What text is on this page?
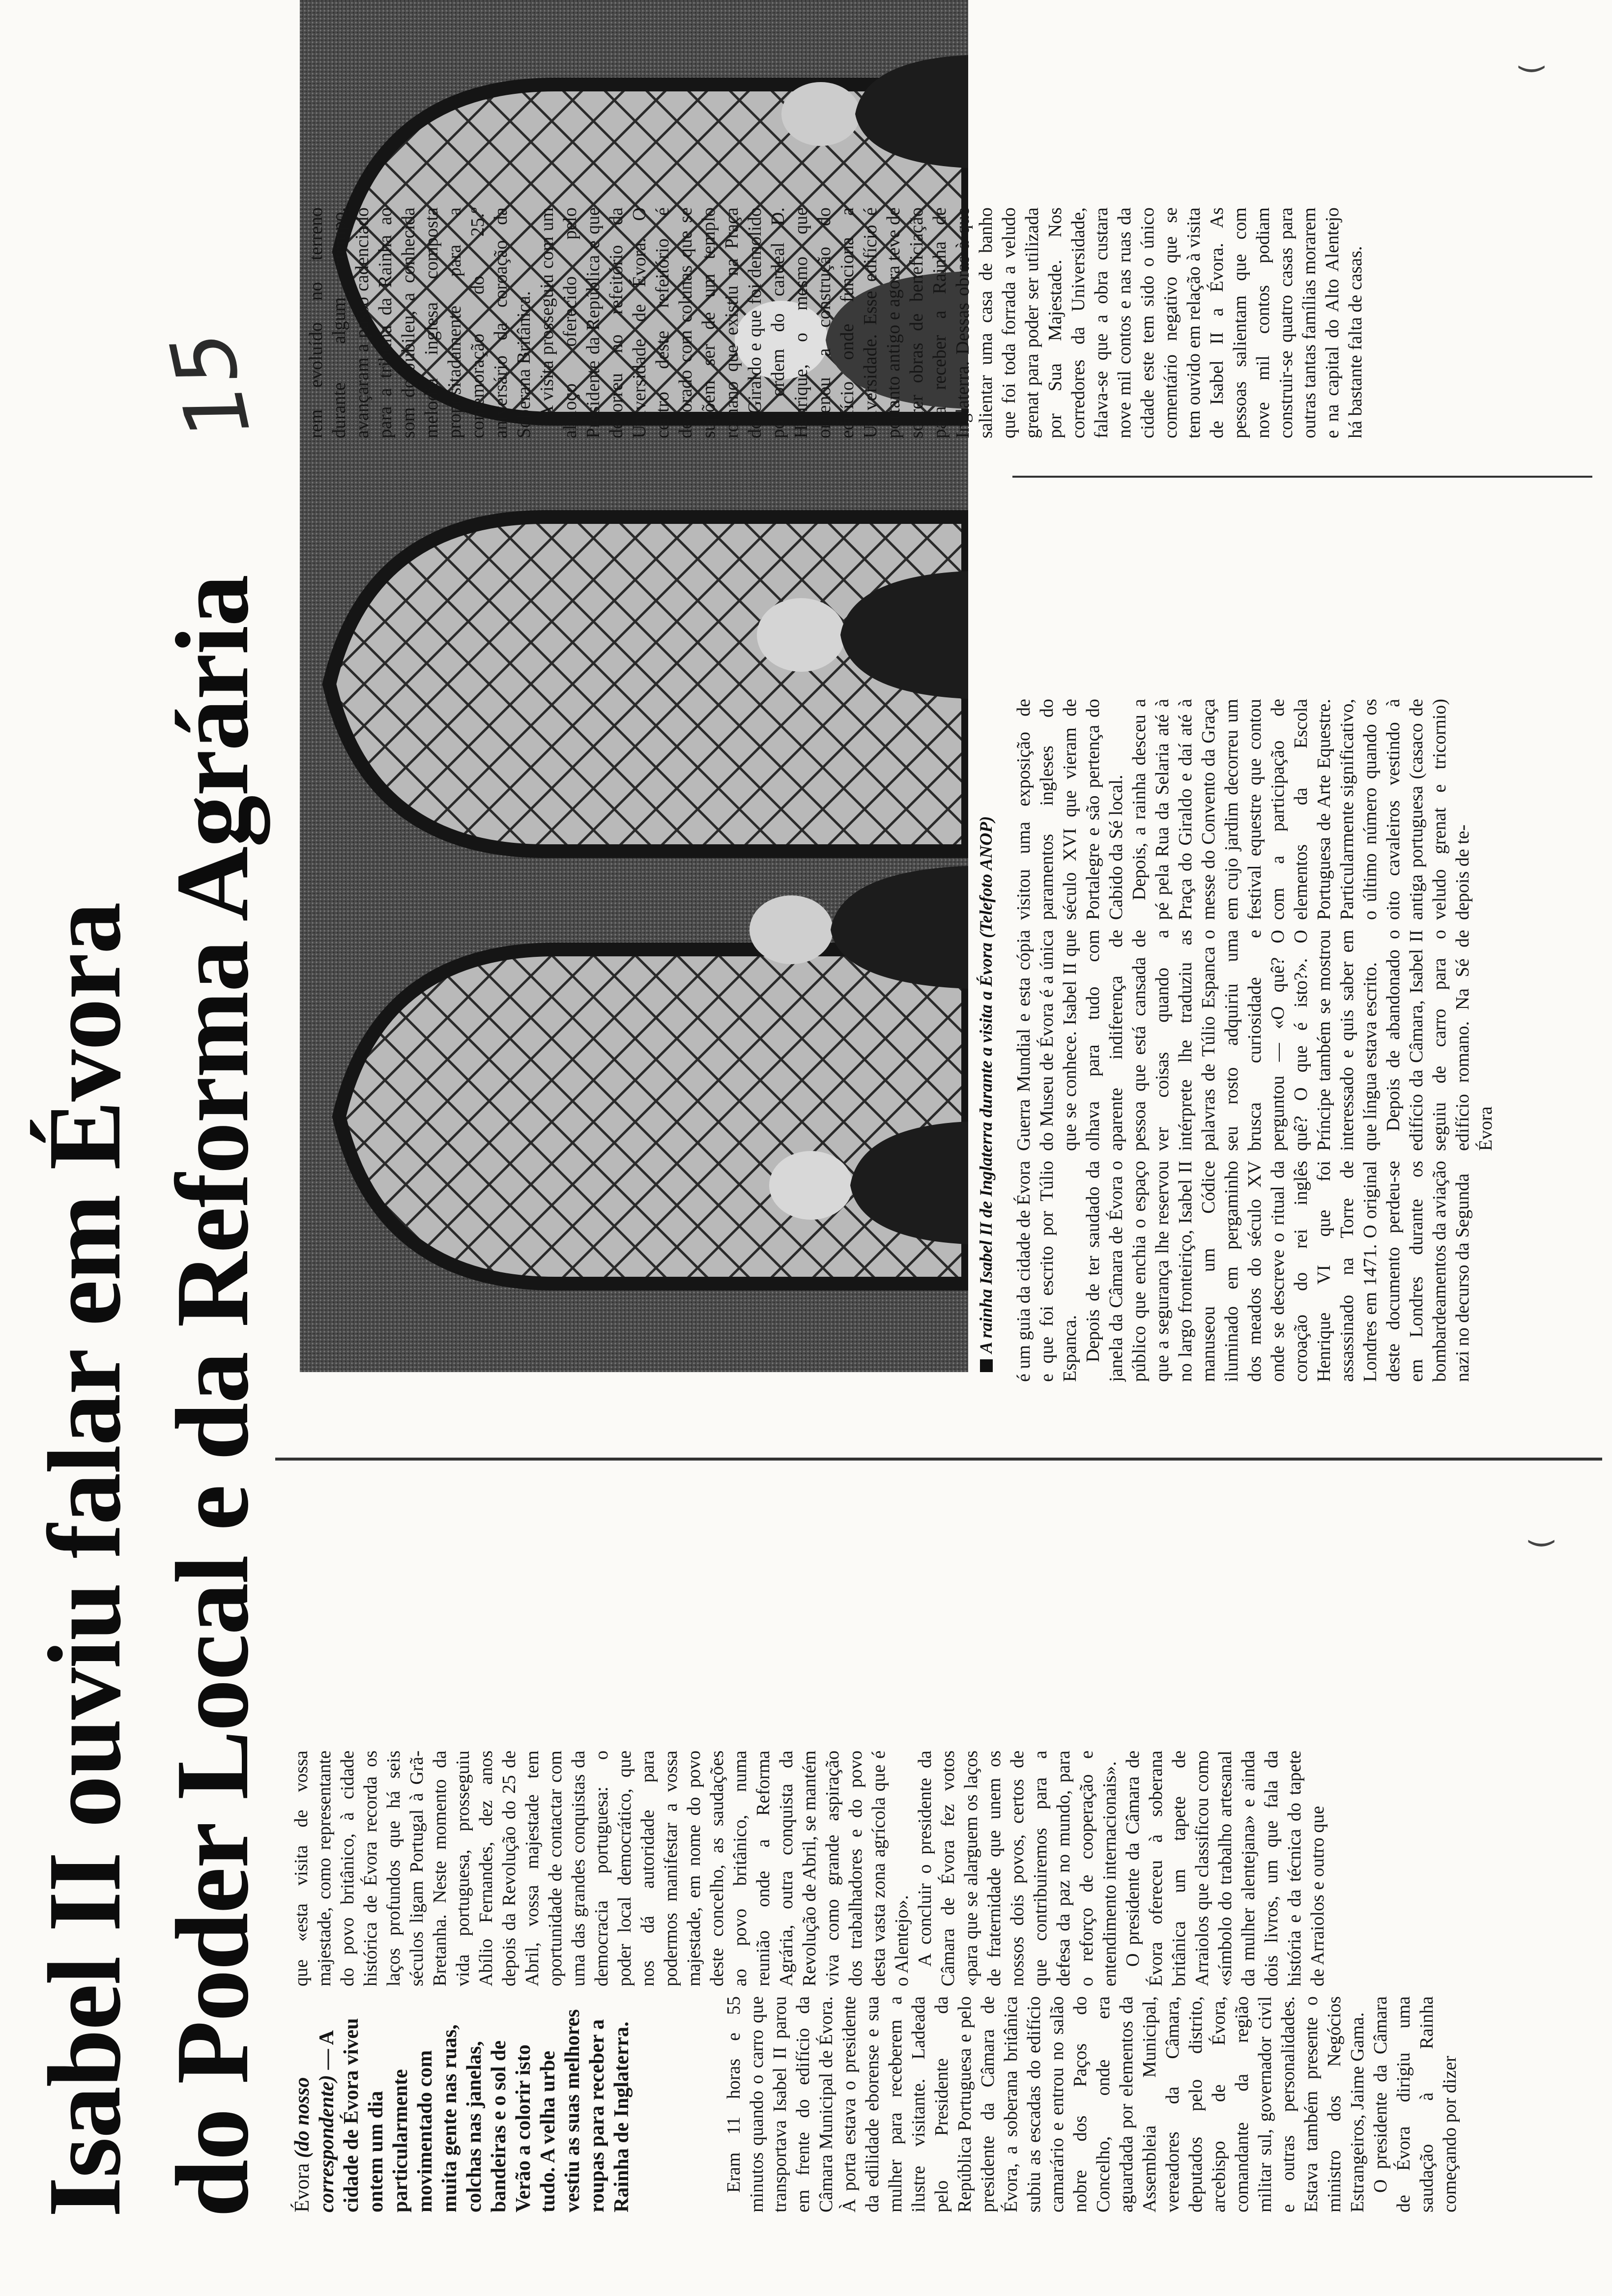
Isabel II ouviu falar em Évora do Poder Local e da Reforma Agrária
15
Évora (do nosso correspondente) — A cidade de Évora viveu ontem um dia particularmente movimentado com muita gente nas ruas, colchas nas janelas, bandeiras e o sol de Verão a colorir isto tudo. A velha urbe vestiu as suas melhores roupas para receber a Rainha de Inglaterra.	Eram 11 horas e 55 minutos quando o carro que transportava Isabel II parou em frente do edifício da Câmara Municipal de Évora. À porta estava o presidente da edilidade eborense e sua mulher para receberem a ilustre visitante. Ladeada pelo Presidente da República Portuguesa e pelo presidente da Câmara de Évora, a soberana britânica subiu as escadas do edifício camarário e entrou no salão nobre dos Paços do Concelho, onde era aguardada por elementos da Assembleia Municipal, vereadores da Câmara, deputados pelo distrito, arcebispo de Évora, comandante da região militar sul, governador civil e outras personalidades. Estava também presente o ministro dos Negócios Estrangeiros, Jaime Gama. O presidente da Câmara de Évora dirigiu uma saudação à Rainha começando por dizer

que «esta visita de vossa majestade, como representante do povo britânico, à cidade histórica de Évora recorda os laços profundos que há seis séculos ligam Portugal à Grã-Bretanha. Neste momento da vida portuguesa, prosseguiu Abílio Fernandes, dez anos depois da Revolução do 25 de Abril, vossa majestade tem oportunidade de contactar com uma das grandes conquistas da democracia portuguesa: o poder local democrático, que nos dá autoridade para podermos manifestar a vossa majestade, em nome do povo deste concelho, as saudações ao povo britânico, numa reunião onde a Reforma Agrária, outra conquista da Revolução de Abril, se mantém viva como grande aspiração dos trabalhadores e do povo desta vasta zona agrícola que é o Alentejo». A concluir o presidente da Câmara de Évora fez votos «para que se alarguem os laços de fraternidade que unem os nossos dois povos, certos de que contribuiremos para a defesa da paz no mundo, para o reforço de cooperação e entendimento internacionais». O presidente da Câmara de Évora ofereceu à soberana britânica um tapete de Arraiolos que classificou como «símbolo do trabalho artesanal da mulher alentejana» e ainda dois livros, um que fala da história e da técnica do tapete de Arraiolos e outro que

A rainha Isabel II de Inglaterra durante a visita a Évora (Telefoto ANOP) é um guia da cidade de Évora e que foi escrito por Túlio Espanca. Depois de ter saudado da janela da Câmara de Évora o público que enchia o espaço que a segurança lhe reservou no largo fronteiriço, Isabel II manuseou um Códice iluminado em pergaminho dos meados do século XV onde se descreve o ritual da coroação do rei inglês Henrique VI que foi assassinado na Torre de Londres em 1471. O original deste documento perdeu-se em Londres durante os bombardeamentos da aviação nazi no decurso da Segunda

Guerra Mundial e esta cópia do Museu de Évora é a única que se conhece. Isabel II que olhava para tudo com aparente indiferença de pessoa que está cansada de ver coisas quando a intérprete lhe traduziu as palavras de Túlio Espanca o seu rosto adquiriu uma brusca curiosidade e perguntou — «O quê? O quê? O que é isto?». O Príncipe também se mostrou interessado e quis saber em que língua estava escrito. Depois de abandonado o edifício da Câmara, Isabel II seguiu de carro para o edifício romano. Na Sé de Évora

visitou uma exposição de paramentos ingleses do século XVI que vieram de Portalegre e são pertença do Cabido da Sé local. Depois, a rainha desceu a pé pela Rua da Selaria até à Praça do Giraldo e daí até à messe do Convento da Graça em cujo jardim decorreu um festival equestre que contou com a participação de elementos da Escola Portuguesa de Arte Equestre. Particularmente significativo, o último número quando os oito cavaleiros vestindo à antiga portuguesa (casaco de veludo grenat e tricornio) depois de te-

rem evoluído no terreno durante algum tempo, avançaram a passo cadenciado para a tribuna da Rainha ao som do Jubileu, a conhecida melodia inglesa composta propositadamente para a comemoração do 25.º aniversário da coroação da Soberana Britânica. A visita prosseguiu com um almoço oferecido pelo Presidente da República e que decorreu no refeitório da Universidade de Évora. O centro deste refeitório é decorado com colunas que se supõem ser de um templo romano que existiu na Praça do Giraldo e que foi demolido por ordem do cardeal D. Henrique, o mesmo que ordenou a construção do edifício onde funciona a Universidade. Esse edifício é portanto antigo e agora teve de sofrer obras de beneficiação para receber a Rainha de Inglaterra. Dessas obras à que salientar uma casa de banho que foi toda forrada a veludo grenat para poder ser utilizada por Sua Majestade. Nos corredores da Universidade, falava-se que a obra custara nove mil contos e nas ruas da cidade este tem sido o único comentário negativo que se tem ouvido em relação à visita de Isabel II a Évora. As pessoas salientam que com nove mil contos podiam construir-se quatro casas para outras tantas famílias morarem e na capital do Alto Alentejo há bastante falta de casas.

(
(
